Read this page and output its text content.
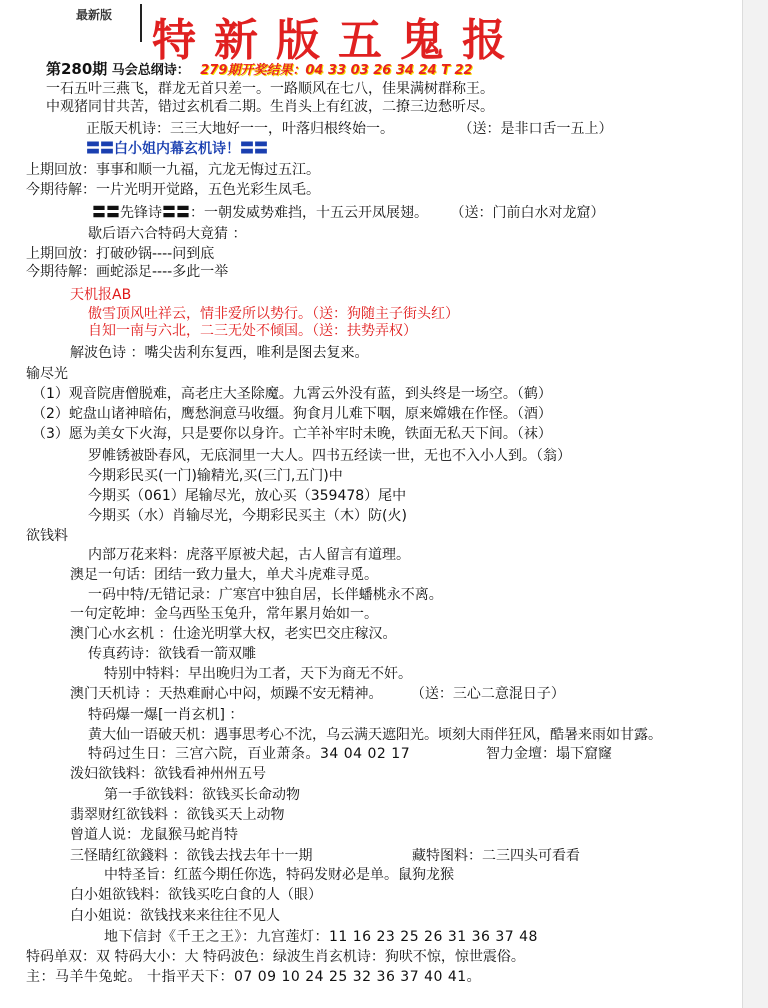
最新版 特新版五鬼报
第280期 马会总纲诗： 279期开奖结果：04 33 03 26 34 24 T 22
一石五叶三燕飞，群龙无首只差一。一路顺风在七八，佳果满树群称王。
中观猪同甘共苦，错过玄机看二期。生肖头上有红波，二撩三边愁听尽。
正版天机诗：三三大地好一一，叶落归根终始一。	（送：是非口舌一五上）
〓〓白小姐内幕玄机诗！〓〓
上期回放：事事和顺一九福，亢龙无悔过五江。
今期待解：一片光明开觉路，五色光彩生凤毛。
〓〓先锋诗〓〓：一朝发威势难挡，十五云开凤展翅。 （送：门前白水对龙窟）
歇后语六合特码大竟猜 ：
上期回放：打破砂锅----问到底
今期待解：画蛇添足----多此一举
天机报AB
傲雪顶风吐祥云，情非爱所以势行。（送：狗随主子街头红）
自知一南与六北，二三无处不倾国。（送：扶势弄权）
解波色诗 ：嘴尖齿利东复西，唯利是图去复来。
输尽光
（1）观音院唐僧脱难，高老庄大圣除魔。九霄云外没有蓝，到头终是一场空。（鹤）
（2）蛇盘山诸神暗佑，鹰愁涧意马收缰。狗食月儿难下咽，原来嫦娥在作怪。（酒）
（3）愿为美女下火海，只是要你以身许。亡羊补牢时未晚，铁面无私天下间。（袜）
罗帷锈被卧春风，无底洞里一大人。四书五经读一世，无也不入小人到。（翁）
今期彩民买(一门)输精光,买(三门,五门)中
今期买（061）尾输尽光，放心买（359478）尾中
今期买（水）肖输尽光，今期彩民买主（木）防(火)
欲钱料
内部万花来料：虎落平原被犬起，古人留言有道理。
澳足一句话：团结一致力量大，单犬斗虎难寻觅。
一码中特/无错记录：广寒宫中独自居，长伴蟠桃永不离。
一句定乾坤：金乌西坠玉兔升，常年累月始如一。
澳门心水玄机 ：仕途光明掌大权，老实巴交庄稼汉。
传真药诗：欲钱看一箭双雕
特别中特料：早出晚归为工者，天下为商无不奸。
澳门天机诗 ：天热难耐心中闷，烦躁不安无精神。 （送：三心二意混日子）
特码爆一爆[一肖玄机] ：
黄大仙一语破天机：遇事思考心不沈，乌云满天遮阳光。顷刻大雨伴狂风，酷暑来雨如甘露。
特码过生日：三宫六院，百业萧条。34 04 02 17	智力金壇：塌下窟窿
泼妇欲钱料：欲钱看神州州五号
第一手欲钱料：欲钱买长命动物
翡翠财红欲钱料 ：欲钱买天上动物
曾道人说：龙鼠猴马蛇肖特
三怪睛红欲錢料 ：欲钱去找去年十一期	藏特图料：二三四头可看看
中特圣旨：红蓝今期任你选，特码发财必是单。鼠狗龙猴
白小姐欲钱料：欲钱买吃白食的人（眼）
白小姐说：欲钱找来来往往不见人
地下信封《千王之王》：九宫莲灯：11 16 23 25 26 31 36 37 48
特码单双：双 特码大小：大 特码波色：绿波生肖玄机诗：狗吠不惊，惊世震俗。
主：马羊牛兔蛇。 十指平天下：07 09 10 24 25 32 36 37 40 41。
